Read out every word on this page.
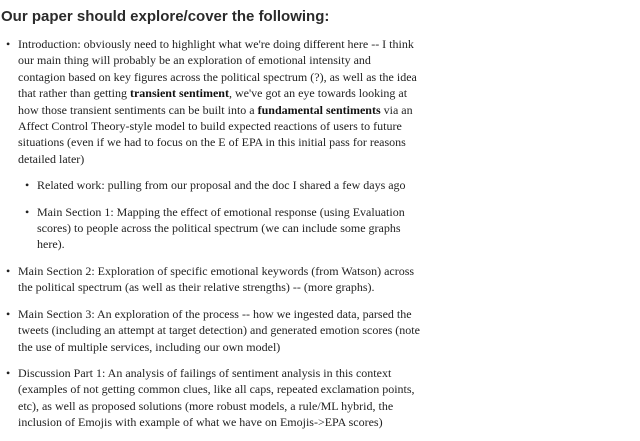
Our paper should explore/cover the following:
• Introduction: obviously need to highlight what we're doing different here -- I think our main thing will probably be an exploration of emotional intensity and contagion based on key figures across the political spectrum (?), as well as the idea that rather than getting transient sentiment, we've got an eye towards looking at how those transient sentiments can be built into a fundamental sentiments via an Affect Control Theory-style model to build expected reactions of users to future situations (even if we had to focus on the E of EPA in this initial pass for reasons detailed later)
• Related work: pulling from our proposal and the doc I shared a few days ago
• Main Section 1: Mapping the effect of emotional response (using Evaluation scores) to people across the political spectrum (we can include some graphs here).
• Main Section 2: Exploration of specific emotional keywords (from Watson) across the political spectrum (as well as their relative strengths) -- (more graphs).
• Main Section 3: An exploration of the process -- how we ingested data, parsed the tweets (including an attempt at target detection) and generated emotion scores (note the use of multiple services, including our own model)
• Discussion Part 1: An analysis of failings of sentiment analysis in this context (examples of not getting common clues, like all caps, repeated exclamation points, etc), as well as proposed solutions (more robust models, a rule/ML hybrid, the inclusion of Emojis with example of what we have on Emojis->EPA scores)
